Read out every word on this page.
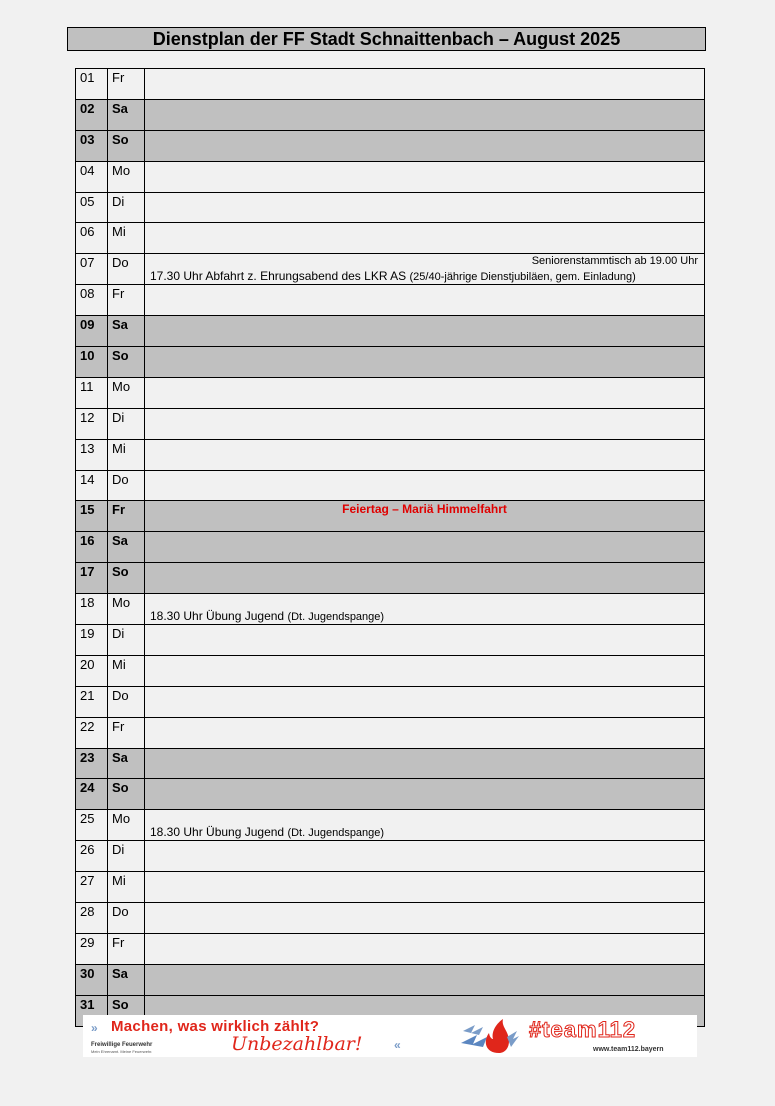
Dienstplan der FF Stadt Schnaittenbach – August 2025
01	Fr	
02	Sa	
03	So	
04	Mo	
05	Di	
06	Mi	
07	Do	Seniorenstammtisch ab 19.00 Uhr
17.30 Uhr Abfahrt z. Ehrungsabend des LKR AS (25/40-jährige Dienstjubiläen, gem. Einladung)

08	Fr	
09	Sa	
10	So	
11	Mo	
12	Di	
13	Mi	
14	Do	
15	Fr	Feiertag – Mariä Himmelfahrt

16	Sa	
17	So	
18	Mo	18.30 Uhr Übung Jugend (Dt. Jugendspange)

19	Di	
20	Mi	
21	Do	
22	Fr	
23	Sa	
24	So	
25	Mo	18.30 Uhr Übung Jugend (Dt. Jugendspange)

26	Di	
27	Mi	
28	Do	
29	Fr	
30	Sa	
31	So	
» Machen, was wirklich zählt?
Unbezahlbar!	«
Freiwillige Feuerwehr
Mein Ehrenamt. Meine Feuerwehr.
#team112
www.team112.bayern
